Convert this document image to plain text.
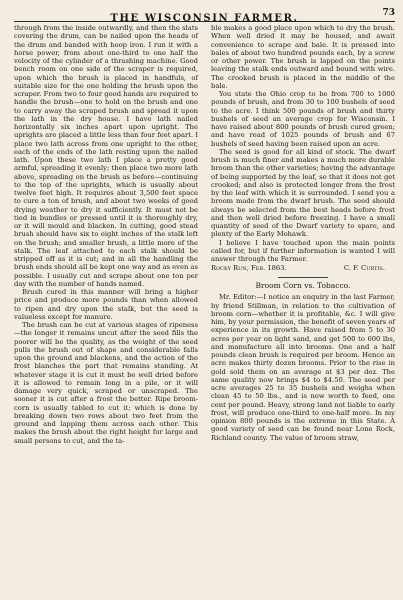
THE WISCONSIN FARMER.	73

through from the inside outwardly, and then the slats covering the drum, can be nailed upon the heads of the drum and banded with hoop iron. I run it with a horse power, from about one-third to one half the velocity of the cylinder of a thrashing machine. Good bench room on one side of the scraper is required, upon which the brush is placed in handfuls, of suitable size for the one holding the brush upon the scraper. From two to four good hands are required to handle the brush—one to hold on the brush and one to carry away the scraped brush and spread it upon the lath in the dry house. I have lath nailed horizontally six inches apart upon upright. The uprights are placed a little less than four feet apart. I place two lath across from one upright to the other, each of the ends of the lath resting upon the nailed lath. Upon these two lath I place a pretty good armful, spreading it evenly; then place two more lath above, spreading on the brush as before—continuing to the top of the uprights, which is usually about twelve feet high. It requires about 3,500 feet space to cure a ton of brush, and about two weeks of good drying weather to dry it sufficiently. It must not be tied in bundles or pressed until it is thoroughly dry, or it will mould and blacken. In cutting, good stead brush should have six to eight inches of the stalk left on the brush; and smaller brush, a little more of the stalk. The leaf attached to each stalk should be stripped off as it is cut; and in all the handling the brush ends should all be kept one way and as even as possible. I usually cut and scrape about one ton per day with the number of hands named.

Brush cured in this manner will bring a higher price and produce more pounds than when allowed to ripen and dry upon the stalk, but the seed is valueless except for manure.

The brush can be cut at various stages of ripeness—the longer it remains uncut after the seed fills the poorer will be the quality, as the weight of the seed pulls the brush out of shape and considerable falls upon the ground and blackens, and the action of the frost blanches the part that remains standing. At whatever stage it is cut it must be well dried before it is allowed to remain long in a pile, or it will damage very quick, scraped or unscraped. The sooner it is cut after a frost the better. Ripe broom-corn is usually tabled to cut it; which is done by breaking down two rows about two feet from the ground and lapping them across each other. This makes the brush about the right height for large and small persons to cut, and the ta-

ble makes a good place upon which to dry the brush. When well dried it may be housed, and await convenience to scrape and bale. It is pressed into bales of about two hundred pounds each, by a screw or other power. The brush is lapped on the points leaving the stalk ends outward and bound with wire. The crooked brush is placed in the middle of the bale.

You state the Ohio crop to be from 700 to 1000 pounds of brush, and from 30 to 100 bushels of seed to the acre. I think 500 pounds of brush and thirty bushels of seed an average crop for Wisconsin. I have raised about 800 pounds of brush cured green; and have read of 1025 pounds of brush and 67 bushels of seed having been raised upon an acre.

The seed is good for all kind of stock. The dwarf brush is much finer and makes a much more durable broom than the other varieties; having the advantage of being supported by the leaf, so that it does not get crooked; and also is protected longer from the frost by the leaf with which it is surrounded. I send you a broom made from the dwarf brush. The seed should always be selected from the best heads before frost and then well dried before freezing. I have a small quantity of seed of the Dwarf variety to spare, and plenty of the Early Mohawk.

I believe I have touched upon the main points called for, but if further information is wanted I will answer through the Farmer.

Rocky Run, Feb. 1863.	C. F. Curtis.
Broom Corn vs. Tobacco.

Mr. Editor:—I notice an enquiry in the last Farmer, by friend Stillman, in relation to the cultivation of broom corn—whether it is profitable, &c. I will give him, by your permission, the benefit of seven years of experience in its growth. Have raised from 5 to 30 acres per year on light sand, and get 500 to 600 lbs, and manufacture all into brooms. One and a half pounds clean brush is required per broom. Hence an acre makes thirty dozen brooms. Prior to the rise in gold sold them on an average at $3 per doz. The same quality now brings $4 to $4.50. The seed per acre averages 25 to 35 bushels and weighs when clean 45 to 50 lbs., and is now worth to feed, one cent per pound. Heavy, strong land not liable to early frost, will produce one-third to one-half more. In my opinion 800 pounds is the extreme in this State. A good variety of seed can be found near Lone Rock, Richland county. The value of broom straw,
